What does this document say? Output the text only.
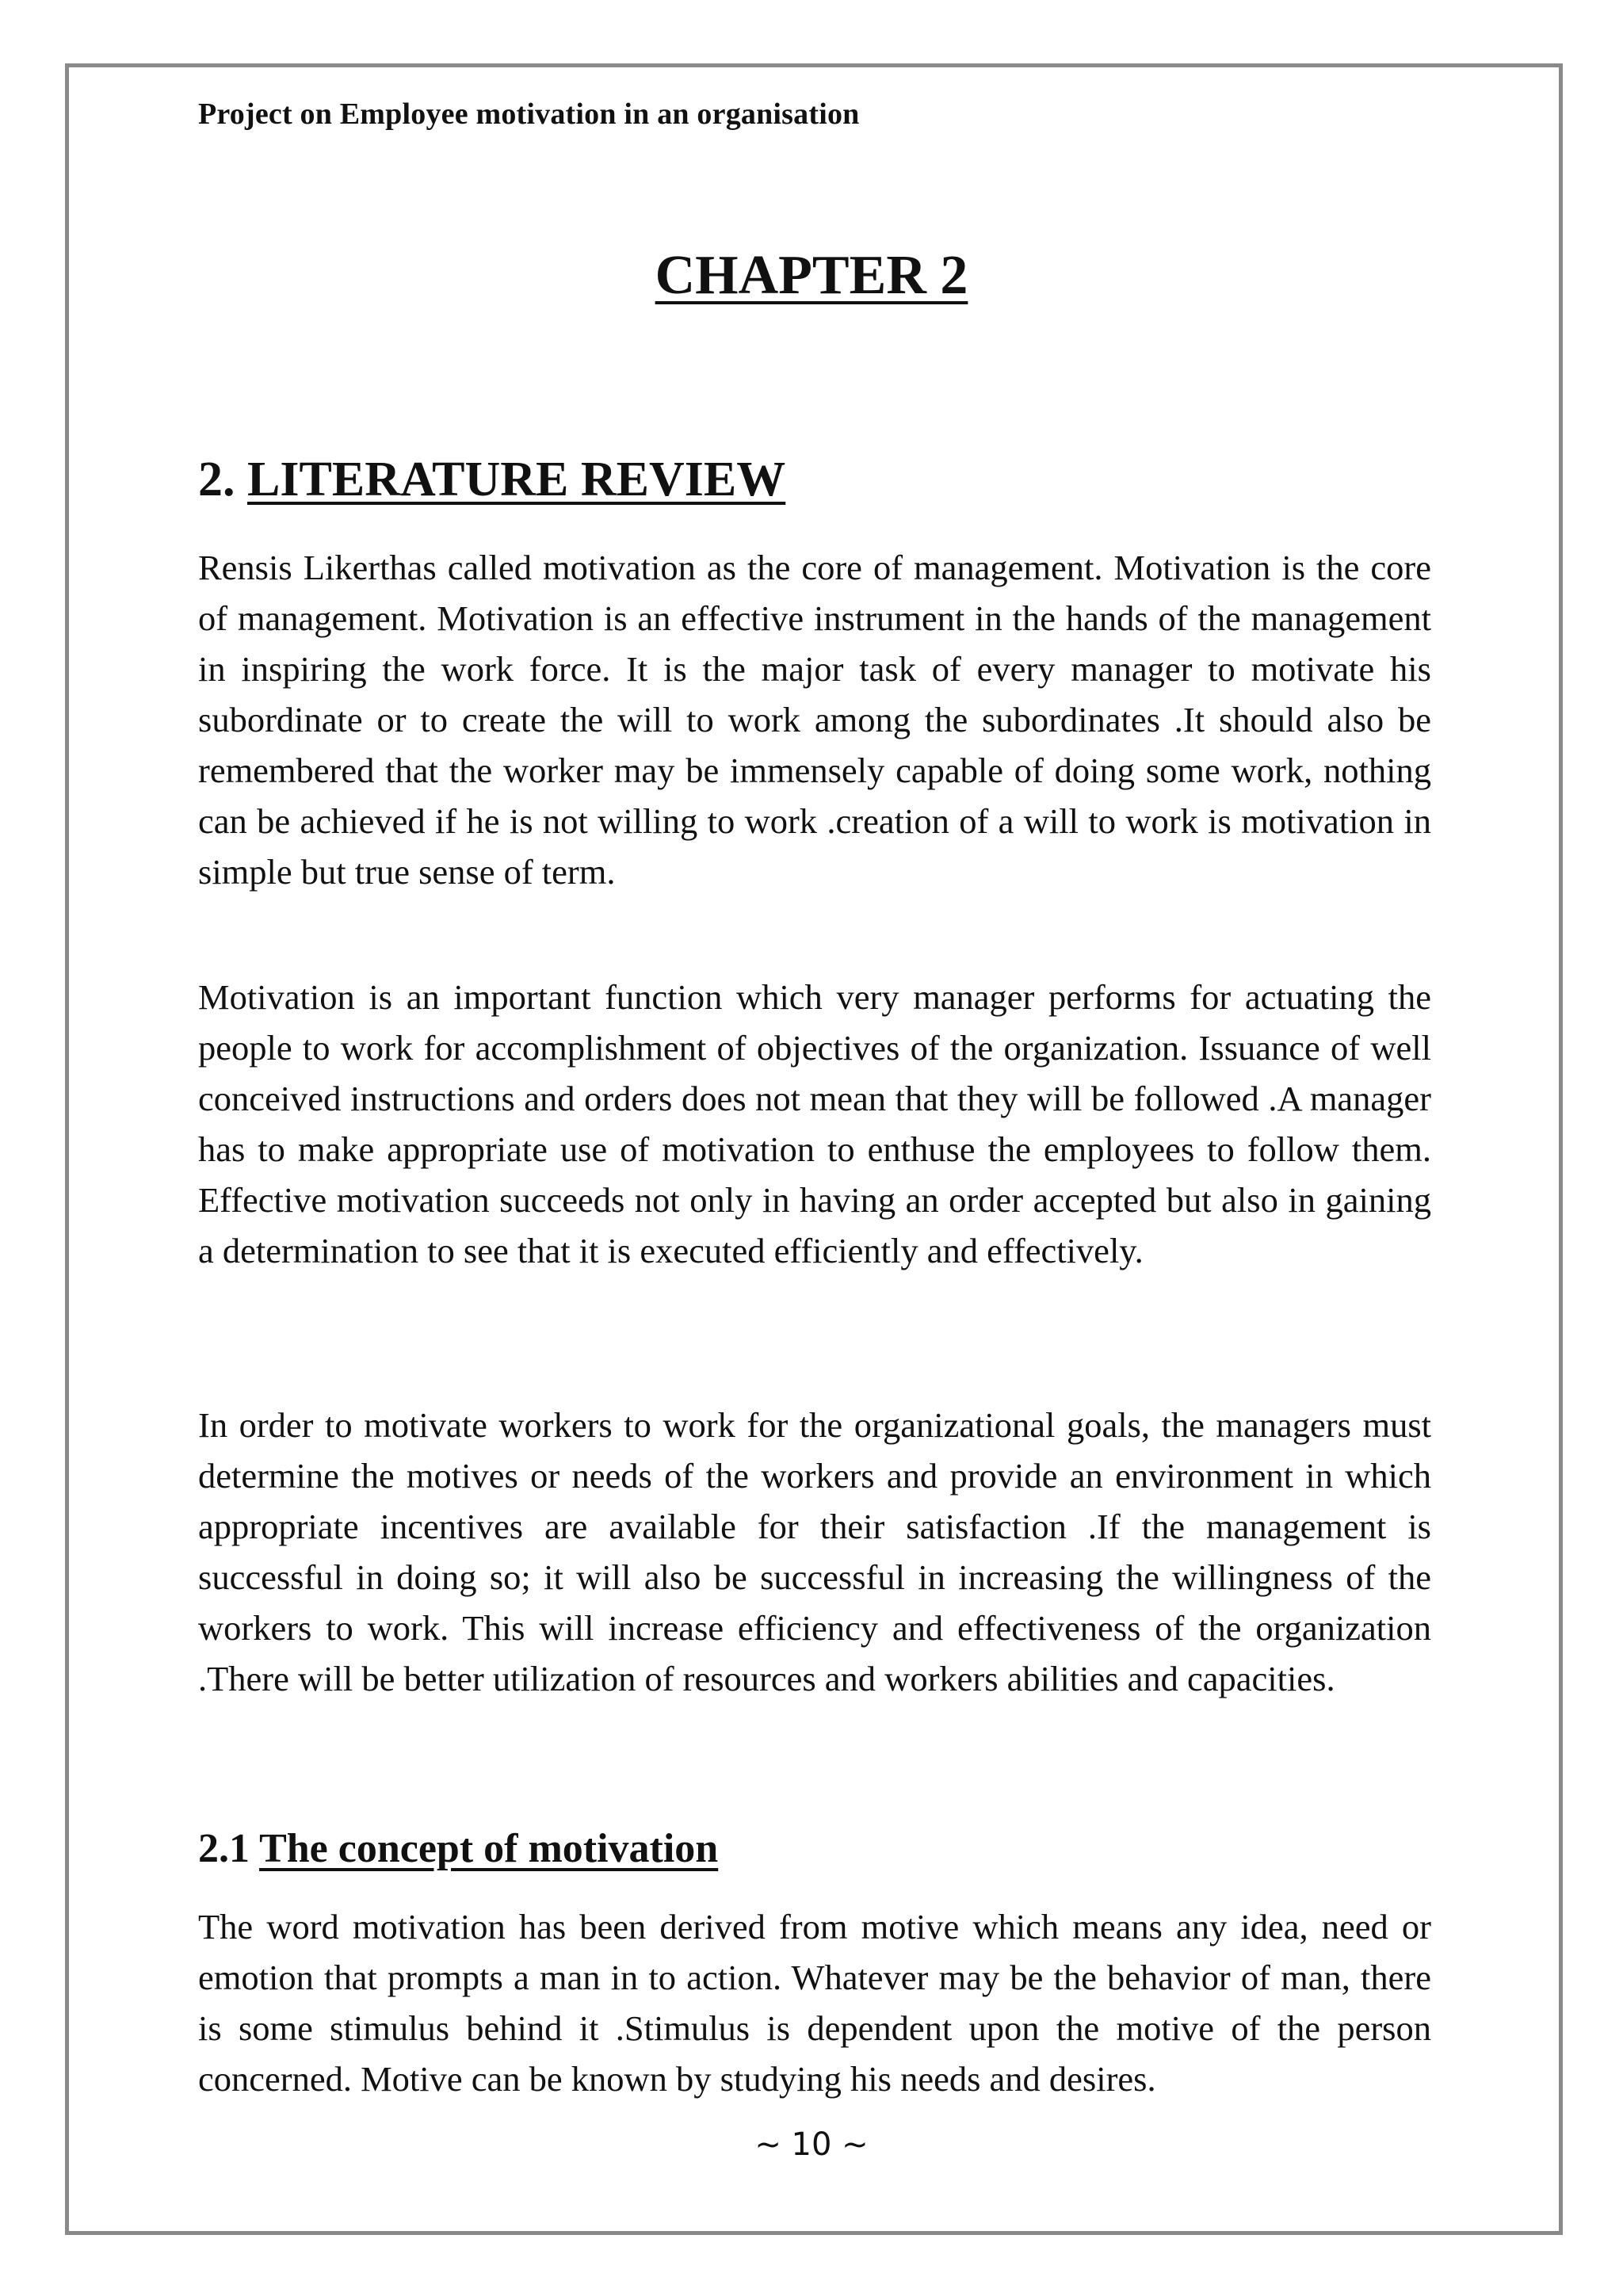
Project on Employee motivation in an organisation
CHAPTER 2
2. LITERATURE REVIEW

Rensis Likerthas called motivation as the core of management. Motivation is the core of management. Motivation is an effective instrument in the hands of the management in inspiring the work force. It is the major task of every manager to motivate his subordinate or to create the will to work among the subordinates .It should also be remembered that the worker may be immensely capable of doing some work, nothing can be achieved if he is not willing to work .creation of a will to work is motivation in simple but true sense of term.

Motivation is an important function which very manager performs for actuating the people to work for accomplishment of objectives of the organization. Issuance of well conceived instructions and orders does not mean that they will be followed .A manager has to make appropriate use of motivation to enthuse the employees to follow them. Effective motivation succeeds not only in having an order accepted but also in gaining a determination to see that it is executed efficiently and effectively.

In order to motivate workers to work for the organizational goals, the managers must determine the motives or needs of the workers and provide an environment in which appropriate incentives are available for their satisfaction .If the management is successful in doing so; it will also be successful in increasing the willingness of the workers to work. This will increase efficiency and effectiveness of the organization .There will be better utilization of resources and workers abilities and capacities.

2.1 The concept of motivation

The word motivation has been derived from motive which means any idea, need or emotion that prompts a man in to action. Whatever may be the behavior of man, there is some stimulus behind it .Stimulus is dependent upon the motive of the person concerned. Motive can be known by studying his needs and desires.

~ 10 ~
